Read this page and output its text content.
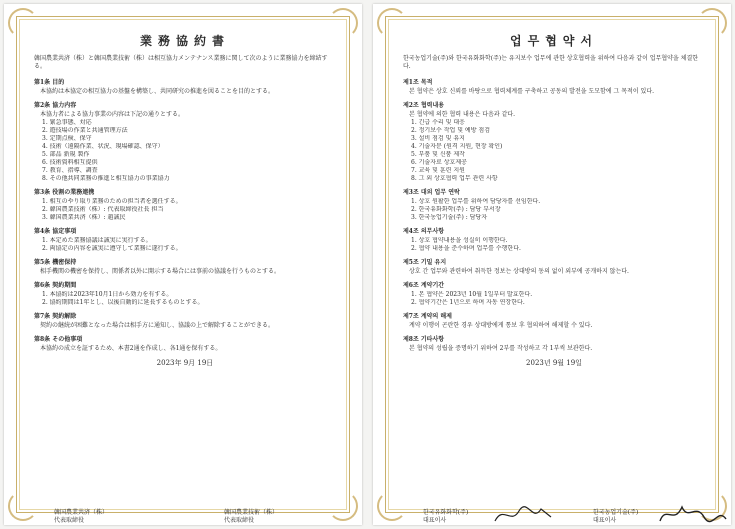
業務協約書
韓国農業共済（株）と韓国農業技術（株）は相互協力メンテナンス業務に関して次のように業務協力を締結する。
第1条 目的

本協約は本協定の相互協力の基盤を構築し、共同研究の推進を図ることを目的とする。

第2条 協力内容

本協力者による協力事業の内容は下記の通りとする。

1. 緊急事態、対応
2. 遊技場の作業と共通管理方法
3. 定期点検、保守
4. 技術（遠隔作業、状況、現場確認、保守）
5. 部品 新規 製作
6. 技術資料相互提供
7. 教育、指導、調査
8. その他共同業務の推進と相互協力の事業協力
第3条 役割の業務連携
1. 相互のやり取り業務のための担当者を選任する。
2. 韓国農業技術（株）: 代表取締役社長 担当
3. 韓国農業共済（株）: 趙誠民
第4条 協定事項
1. 本定めた業務協議は誠実に実行する。
2. 両協定の内容を誠実に遵守して業務に遂行する。
第5条 機密保持

相手機関の機密を保持し、関係者以外に開示する場合には事前の協議を行うものとする。

第6条 契約期間
1. 本協約は2023年10月1日から効力を有する。
2. 協約期間は1年とし、以後自動的に延長するものとする。
第7条 契約解除

契約の継続が困難となった場合は相手方に通知し、協議の上で解除することができる。

第8条 その他事項

本協約の成立を証するため、本書2通を作成し、各1通を保有する。

2023年 9月 19日
韓国農業共済（株）
代表取締役
韓国農業技術（株）
代表取締役
업무협약서
한국농업기술(주)와 한국유화화학(주)는 유지보수 업무에 관한 상호협력을 위하여 다음과 같이 업무협약을 체결한다.
제1조 목적

본 협약은 상호 신뢰를 바탕으로 협력체계를 구축하고 공동의 발전을 도모함에 그 목적이 있다.

제2조 협력내용

본 협약에 의한 협력 내용은 다음과 같다.

1. 긴급 수리 및 대응
2. 정기보수 작업 및 예방 점검
3. 설비 점검 및 유지
4. 기술자문 (원격 지원, 현장 확인)
5. 부품 및 신품 제작
6. 기술자료 상호제공
7. 교육 및 훈련 지원
8. 그 외 상호협력 업무 관련 사항
제3조 대외 업무 연락
1. 상호 원활한 업무를 위하여 담당자를 선임한다.
2. 한국유화화학(주) : 담당 부서장
3. 한국농업기술(주) : 담당자
제4조 의무사항
1. 상호 협약내용을 성실히 이행한다.
2. 협약 내용을 준수하며 업무를 수행한다.
제5조 기밀 유지

상호 간 업무와 관련하여 취득한 정보는 상대방의 동의 없이 외부에 공개하지 않는다.

제6조 계약기간
1. 본 협약은 2023년 10월 1일부터 발효한다.
2. 협약기간은 1년으로 하며 자동 연장한다.
제7조 계약의 해제

계약 이행이 곤란한 경우 상대방에게 통보 후 협의하여 해제할 수 있다.

제8조 기타사항

본 협약의 성립을 증명하기 위하여 2부를 작성하고 각 1부씩 보관한다.

2023년 9월 19일
한국유화화학(주)
대표이사
한국농업기술(주)
대표이사
